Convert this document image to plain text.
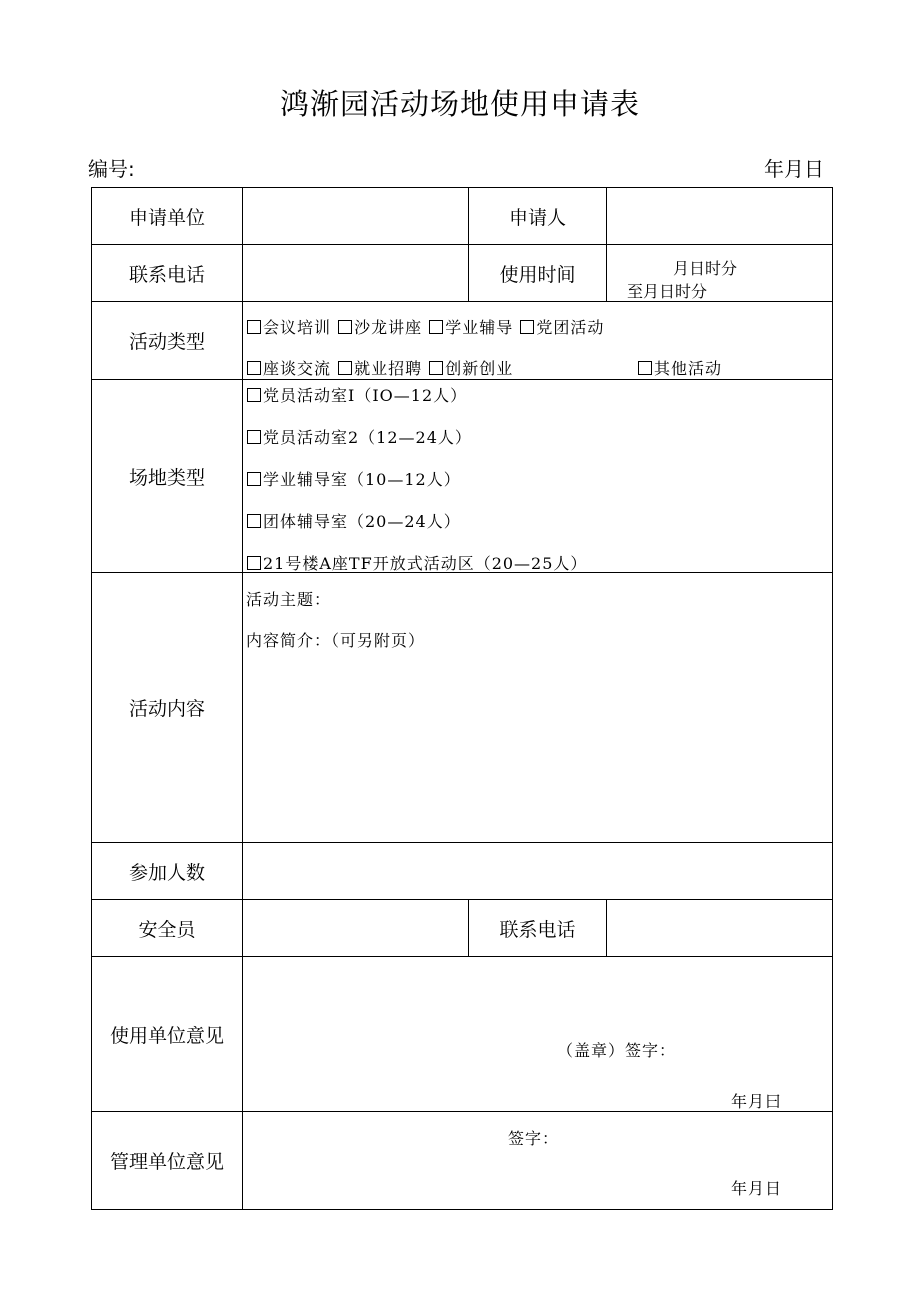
鸿渐园活动场地使用申请表
编号:	年月日
申请单位		申请人	
联系电话		使用时间	月日时分
至月日时分

活动类型	会议培训 沙龙讲座 学业辅导 党团活动
座谈交流 就业招聘 创新创业 其他活动		

场地类型	党员活动室I（IO—12人）
党员活动室2（12—24人）
学业辅导室（10—12人）
团体辅导室（20—24人）
21号楼A座TF开放式活动区（20—25人）		

活动内容	活动主题：
内容简介：（可另附页）		

参加人数			
安全员		联系电话	
使用单位意见	（盖章）签字：
年月曰		

管理单位意见	签字：
年月日		
